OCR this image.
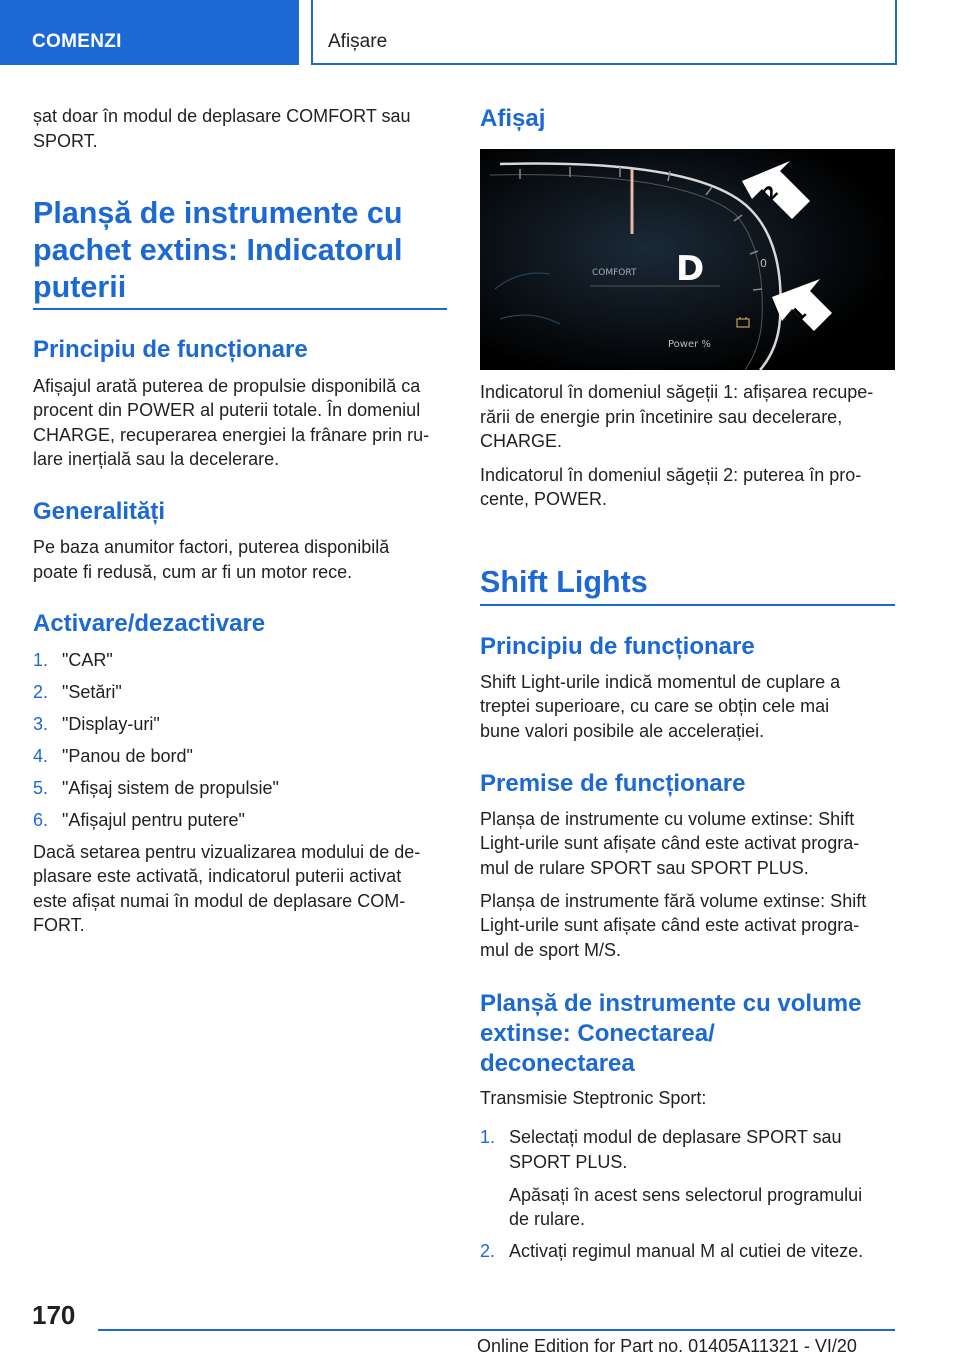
COMENZI	Afișare

șat doar în modul de deplasare COMFORT sau

SPORT.

Planșă de instrumente cu

pachet extins: Indicatorul

puterii

Principiu de funcționare

Afișajul arată puterea de propulsie disponibilă ca

procent din POWER al puterii totale. În domeniul

CHARGE, recuperarea energiei la frânare prin ru-

lare inerțială sau la decelerare.

Generalități

Pe baza anumitor factori, puterea disponibilă

poate fi redusă, cum ar fi un motor rece.

Activare/dezactivare

1. "CAR"
2. "Setări"
3. "Display-uri"
4. "Panou de bord"
5. "Afișaj sistem de propulsie"
6. "Afișajul pentru putere"

Dacă setarea pentru vizualizarea modului de de-

plasare este activată, indicatorul puterii activat

este afișat numai în modul de deplasare COM-

FORT.

Afișaj

COMFORT D	0
Power %
2
1

Indicatorul în domeniul săgeții 1: afișarea recupe-

rării de energie prin încetinire sau decelerare,

CHARGE.

Indicatorul în domeniul săgeții 2: puterea în pro-

cente, POWER.

Shift Lights

Principiu de funcționare

Shift Light-urile indică momentul de cuplare a

treptei superioare, cu care se obțin cele mai

bune valori posibile ale accelerației.

Premise de funcționare

Planșa de instrumente cu volume extinse: Shift

Light-urile sunt afișate când este activat progra-

mul de rulare SPORT sau SPORT PLUS.

Planșa de instrumente fără volume extinse: Shift

Light-urile sunt afișate când este activat progra-

mul de sport M/S.

Planșă de instrumente cu volume

extinse: Conectarea/

deconectarea

Transmisie Steptronic Sport:

1. Selectați modul de deplasare SPORT sau

SPORT PLUS.

Apăsați în acest sens selectorul programului

de rulare.

2. Activați regimul manual M al cutiei de viteze.
170
Online Edition for Part no. 01405A11321 - VI/20
